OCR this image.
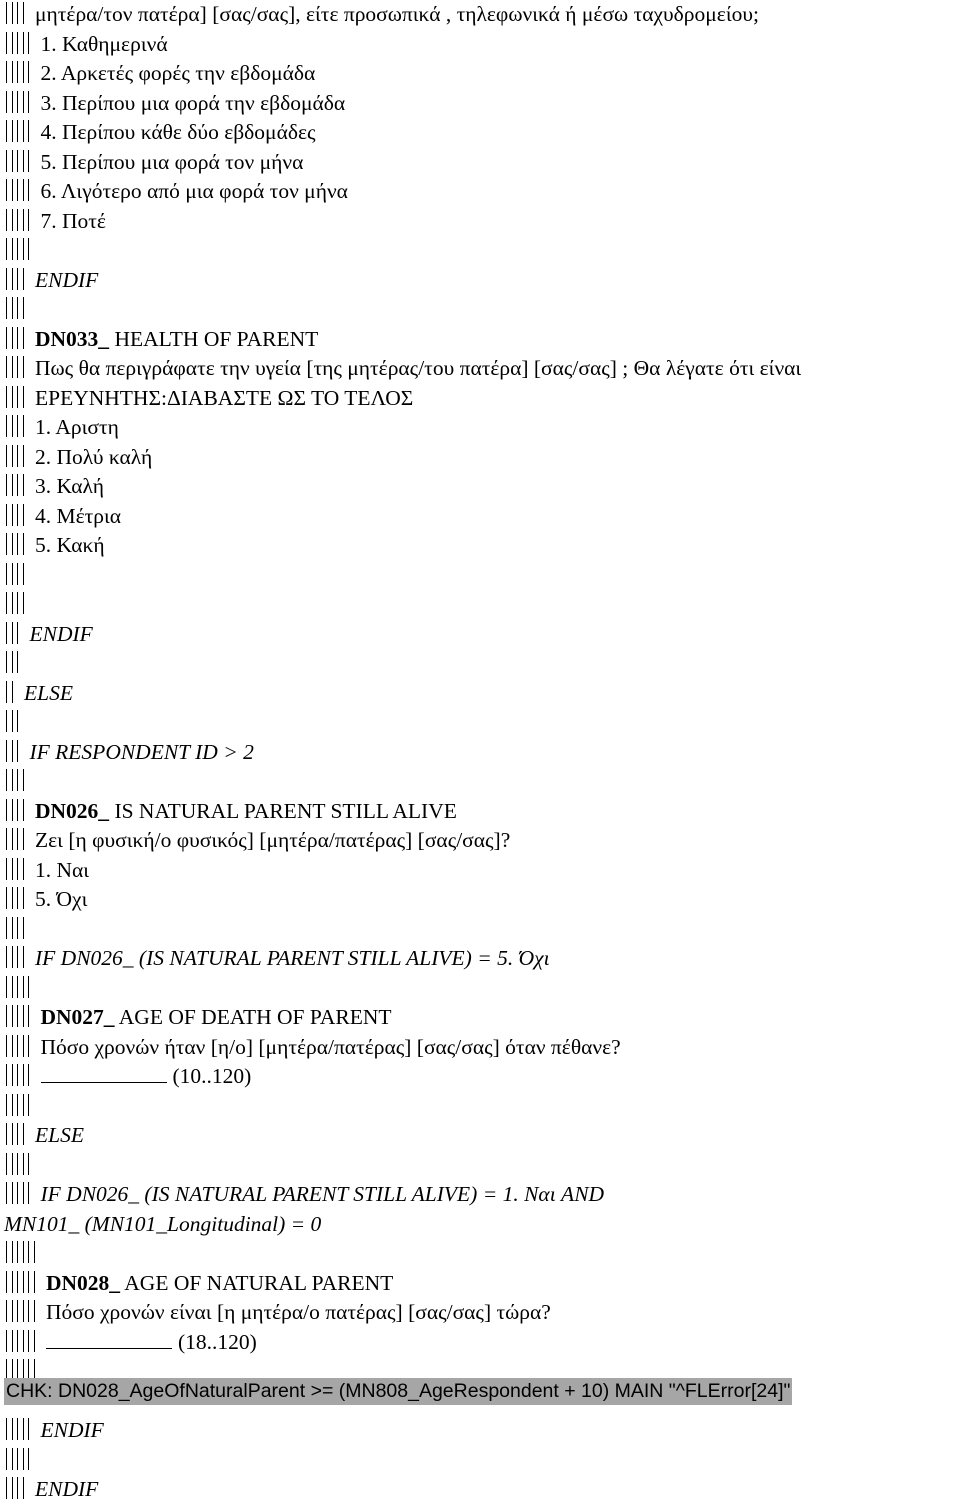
μητέρα/τον πατέρα] [σας/σας], είτε προσωπικά , τηλεφωνικά ή μέσω ταχυδρομείου;
1. Καθημερινά
2. Αρκετές φορές την εβδομάδα
3. Περίπου μια φορά την εβδομάδα
4. Περίπου κάθε δύο εβδομάδες
5. Περίπου μια φορά τον μήνα
6. Λιγότερο από μια φορά τον μήνα
7. Ποτέ
ENDIF
DN033_ HEALTH OF PARENT
Πως θα περιγράφατε την υγεία [της μητέρας/του πατέρα] [σας/σας] ; Θα λέγατε ότι είναι
ΕΡΕΥΝΗΤΗΣ:ΔΙΑΒΑΣΤΕ ΩΣ ΤΟ ΤΕΛΟΣ
1. Αριστη
2. Πολύ καλή
3. Καλή
4. Μέτρια
5. Κακή
ENDIF
ELSE
IF RESPONDENT ID > 2
DN026_ IS NATURAL PARENT STILL ALIVE
Ζει [η φυσική/ο φυσικός] [μητέρα/πατέρας] [σας/σας]?
1. Ναι
5. Όχι
IF DN026_ (IS NATURAL PARENT STILL ALIVE) = 5. Όχι
DN027_ AGE OF DEATH OF PARENT
Πόσο χρονών ήταν [η/ο] [μητέρα/πατέρας] [σας/σας] όταν πέθανε?
(10..120)
ELSE
IF DN026_ (IS NATURAL PARENT STILL ALIVE) = 1. Ναι AND
MN101_ (MN101_Longitudinal) = 0
DN028_ AGE OF NATURAL PARENT
Πόσο χρονών είναι [η μητέρα/ο πατέρας] [σας/σας] τώρα?
(18..120)
CHK: DN028_AgeOfNaturalParent >= (MN808_AgeRespondent + 10) MAIN "^FLError[24]"
ENDIF
ENDIF
